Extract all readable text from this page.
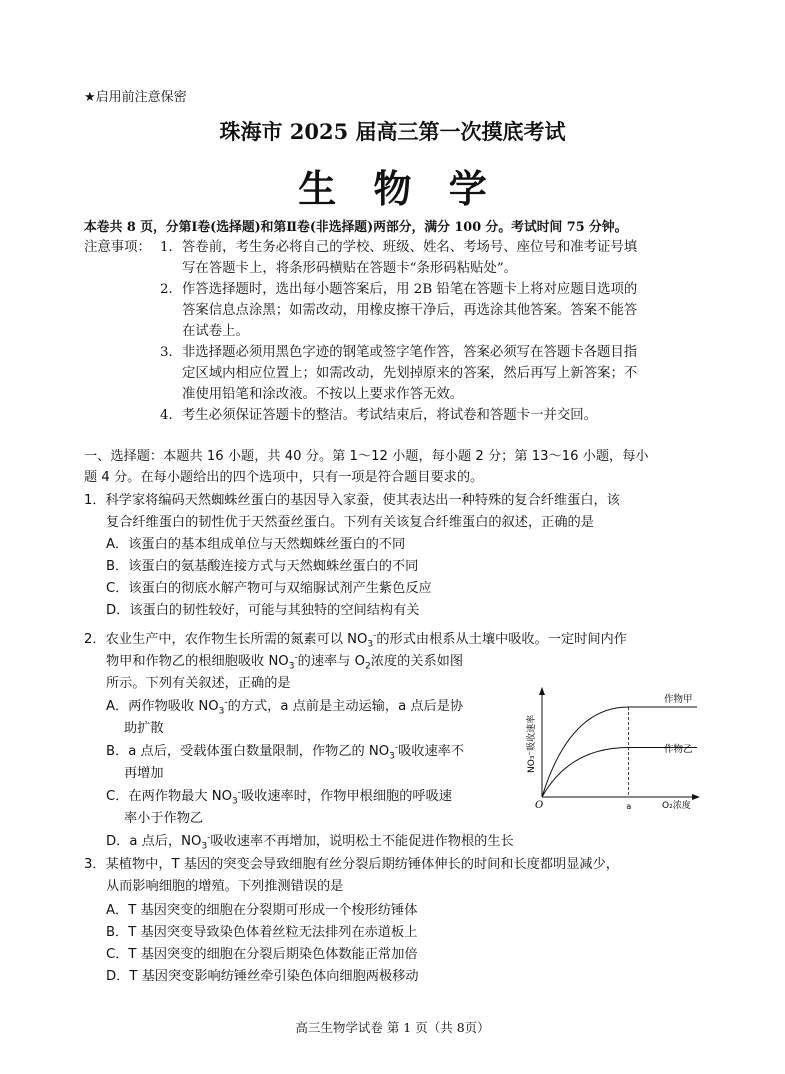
★启用前注意保密
珠海市 2025 届高三第一次摸底考试
生 物 学
本卷共 8 页，分第Ⅰ卷(选择题)和第Ⅱ卷(非选择题)两部分，满分 100 分。考试时间 75 分钟。
注意事项： 1．答卷前，考生务必将自己的学校、班级、姓名、考场号、座位号和准考证号填
写在答题卡上，将条形码横贴在答题卡“条形码粘贴处”。
2．作答选择题时，选出每小题答案后，用 2B 铅笔在答题卡上将对应题目选项的
答案信息点涂黑；如需改动，用橡皮擦干净后，再选涂其他答案。答案不能答
在试卷上。
3．非选择题必须用黑色字迹的钢笔或签字笔作答，答案必须写在答题卡各题目指
定区域内相应位置上；如需改动，先划掉原来的答案，然后再写上新答案；不
准使用铅笔和涂改液。不按以上要求作答无效。
4．考生必须保证答题卡的整洁。考试结束后，将试卷和答题卡一并交回。
一、选择题：本题共 16 小题，共 40 分。第 1～12 小题，每小题 2 分；第 13～16 小题，每小
题 4 分。在每小题给出的四个选项中，只有一项是符合题目要求的。
1．科学家将编码天然蜘蛛丝蛋白的基因导入家蚕，使其表达出一种特殊的复合纤维蛋白，该
复合纤维蛋白的韧性优于天然蚕丝蛋白。下列有关该复合纤维蛋白的叙述，正确的是
A．该蛋白的基本组成单位与天然蜘蛛丝蛋白的不同
B．该蛋白的氨基酸连接方式与天然蜘蛛丝蛋白的不同
C．该蛋白的彻底水解产物可与双缩脲试剂产生紫色反应
D．该蛋白的韧性较好，可能与其独特的空间结构有关
2．农业生产中，农作物生长所需的氮素可以 $NO_3^-$的形式由根系从土壤中吸收。一定时间内作
物甲和作物乙的根细胞吸收 $NO_3^-$的速率与 $O_2$浓度的关系如图
所示。下列有关叙述，正确的是
A．两作物吸收 $NO_3^-$的方式，a 点前是主动运输，a 点后是协
助扩散
B．a 点后，受载体蛋白数量限制，作物乙的 $NO_3^-$吸收速率不
再增加
C．在两作物最大 $NO_3^-$吸收速率时，作物甲根细胞的呼吸速
率小于作物乙
D．a 点后，$NO_3^-$吸收速率不再增加，说明松土不能促进作物根的生长
O	a	O₂浓度
NO₃⁻吸收速率
作物甲
作物乙
3．某植物中，T 基因的突变会导致细胞有丝分裂后期纺锤体伸长的时间和长度都明显减少，
从而影响细胞的增殖。下列推测错误的是
A．T 基因突变的细胞在分裂期可形成一个梭形纺锤体
B．T 基因突变导致染色体着丝粒无法排列在赤道板上
C．T 基因突变的细胞在分裂后期染色体数能正常加倍
D．T 基因突变影响纺锤丝牵引染色体向细胞两极移动
高三生物学试卷 第 1 页（共 8页）
